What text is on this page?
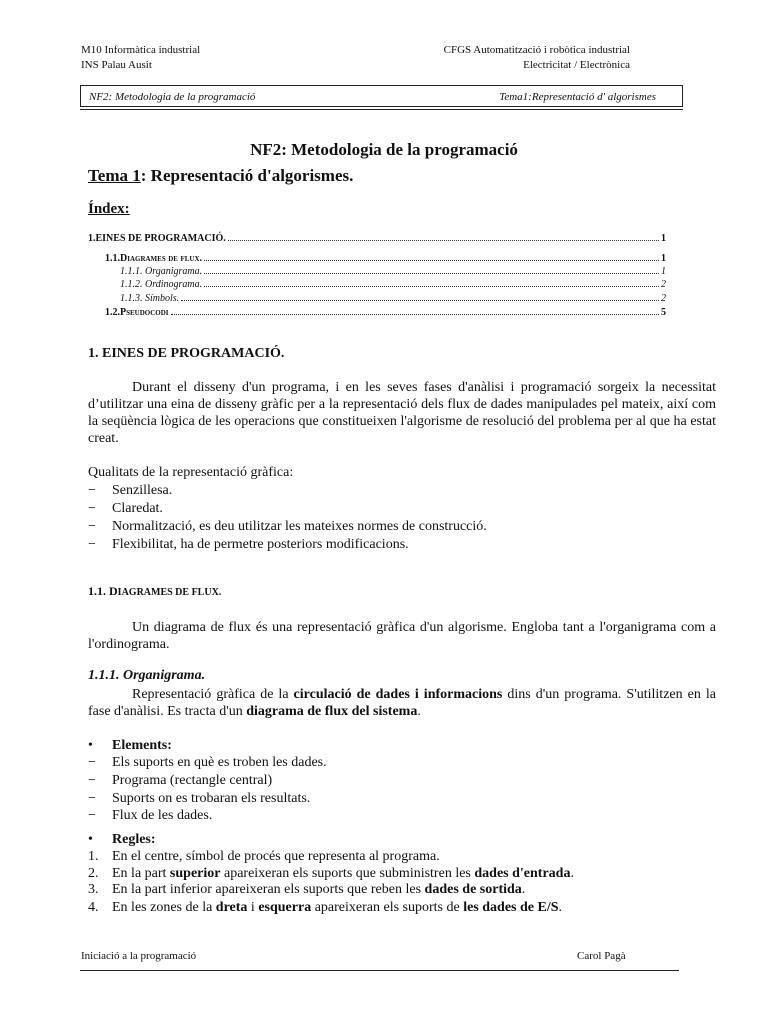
M10 Informàtica industrial
INS Palau Ausit
CFGS Automatització i robòtica industrial
Electricitat / Electrònica
NF2: Metodologia de la programació	Tema1:Representació d' algorismes
NF2: Metodologia de la programació
Tema 1: Representació d'algorismes.
Índex:
1. EINES DE PROGRAMACIÓ.	1
1.1. Diagrames de flux.	1
1.1.1. Organigrama.	1
1.1.2. Ordinograma.	2
1.1.3. Símbols.	2
1.2. Pseudocodi	5
1. EINES DE PROGRAMACIÓ.
Durant el disseny d'un programa, i en les seves fases d'anàlisi i programació sorgeix la necessitat d’utilitzar una eina de disseny gràfic per a la representació dels flux de dades manipulades pel mateix, així com la seqüència lògica de les operacions que constitueixen l'algorisme de resolució del problema per al que ha estat creat.
Qualitats de la representació gràfica:
− Senzillesa.
− Claredat.
− Normalització, es deu utilitzar les mateixes normes de construcció.
− Flexibilitat, ha de permetre posteriors modificacions.
1.1. DIAGRAMES DE FLUX.
Un diagrama de flux és una representació gràfica d'un algorisme. Engloba tant a l'organigrama com a l'ordinograma.
1.1.1. Organigrama.
Representació gràfica de la circulació de dades i informacions dins d'un programa. S'utilitzen en la fase d'anàlisi. Es tracta d'un diagrama de flux del sistema.
• Elements:
− Els suports en què es troben les dades.
− Programa (rectangle central)
− Suports on es trobaran els resultats.
− Flux de les dades.
• Regles:
1. En el centre, símbol de procés que representa al programa.
2. En la part superior apareixeran els suports que subministren les dades d'entrada.
3. En la part inferior apareixeran els suports que reben les dades de sortida.
4. En les zones de la dreta i esquerra apareixeran els suports de les dades de E/S.
Iniciació a la programació	Carol Pagà
